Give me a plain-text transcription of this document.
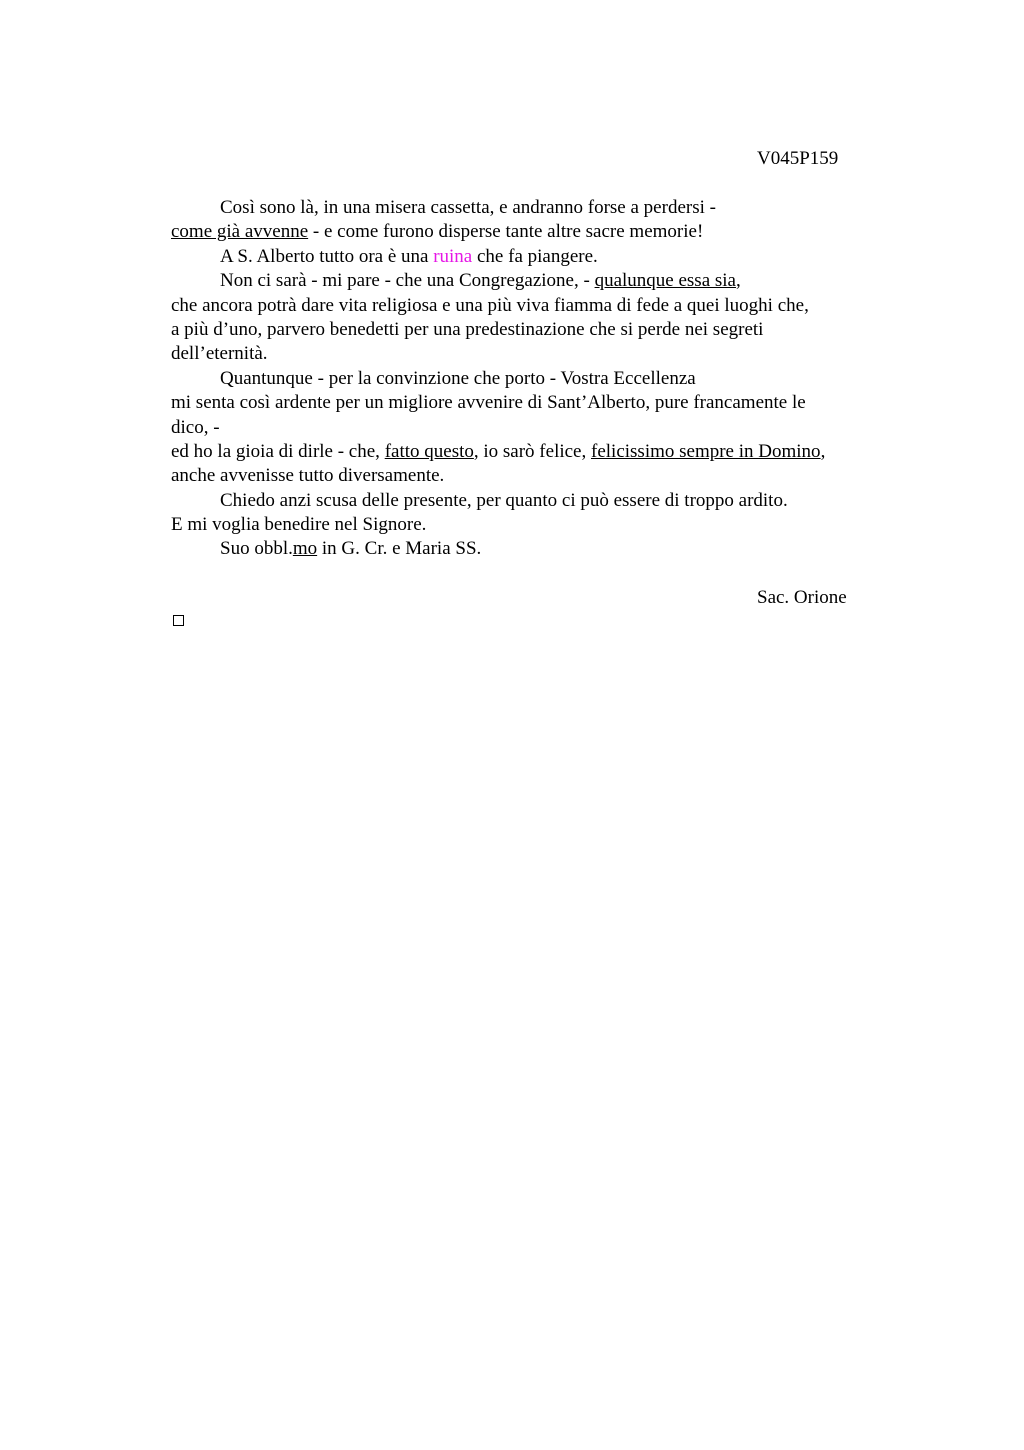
V045P159
Così sono là, in una misera cassetta, e andranno forse a perdersi -
come già avvenne - e come furono disperse tante altre sacre memorie!
A S. Alberto tutto ora è una ruina che fa piangere.
Non ci sarà - mi pare - che una Congregazione, - qualunque essa sia,
che ancora potrà dare vita religiosa e una più viva fiamma di fede a quei luoghi che,
a più d’uno, parvero benedetti per una predestinazione che si perde nei segreti
dell’eternità.
Quantunque - per la convinzione che porto - Vostra Eccellenza
mi senta così ardente per un migliore avvenire di Sant’Alberto, pure francamente le
dico, -
ed ho la gioia di dirle - che, fatto questo, io sarò felice, felicissimo sempre in Domino,
anche avvenisse tutto diversamente.
Chiedo anzi scusa delle presente, per quanto ci può essere di troppo ardito.
E mi voglia benedire nel Signore.
Suo obbl.mo in G. Cr. e Maria SS.
Sac. Orione
